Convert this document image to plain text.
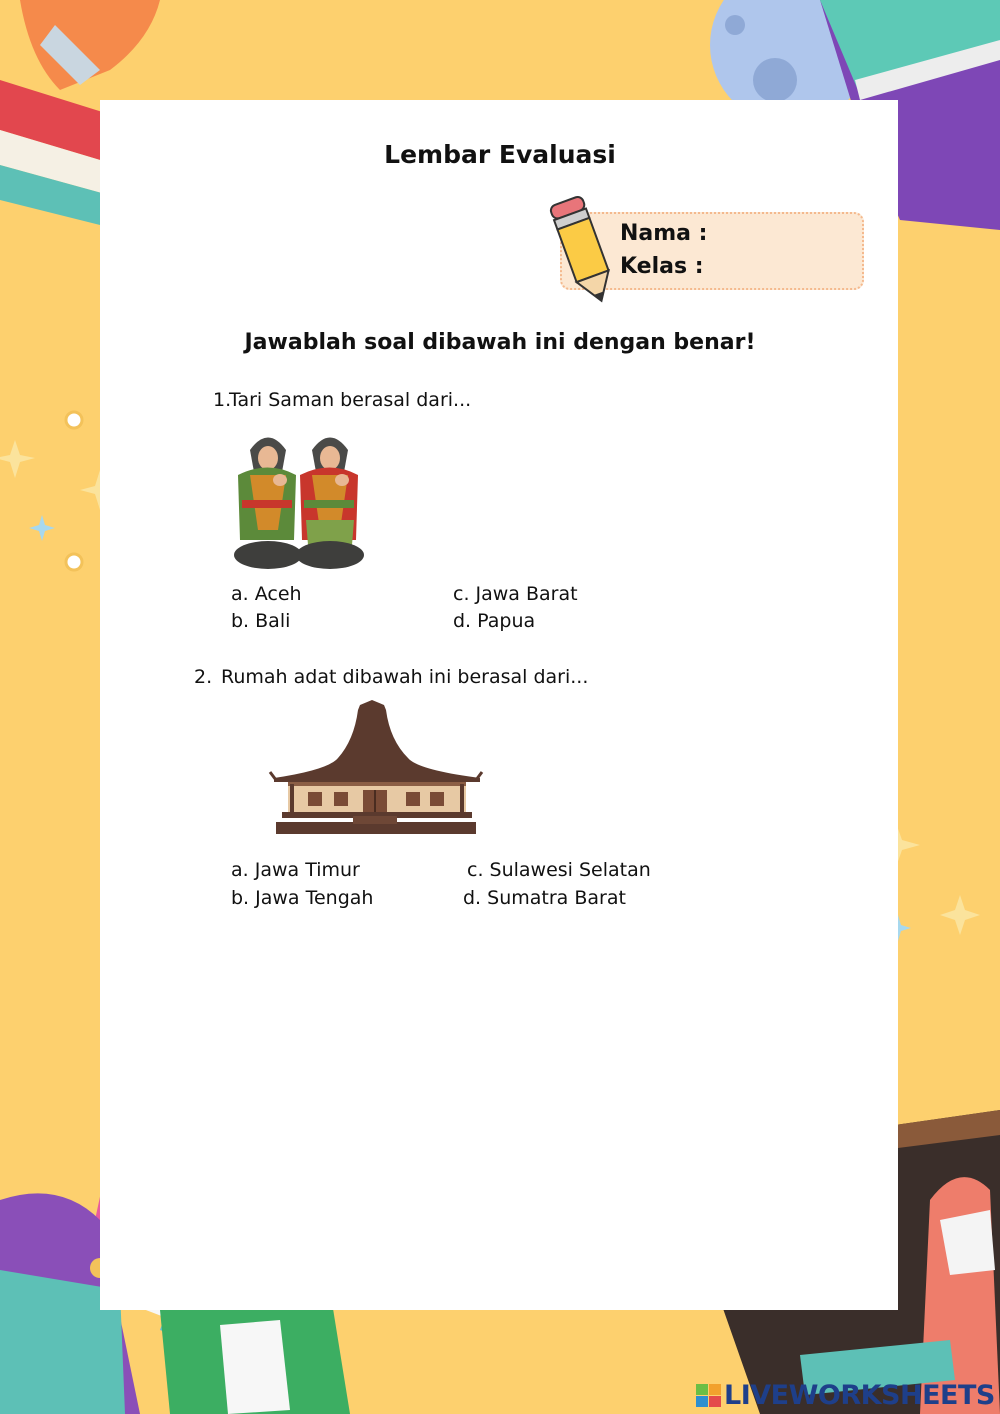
Lembar Evaluasi
Nama :
Kelas :
Jawablah soal dibawah ini dengan benar!
1.
Tari Saman berasal dari...
a. Aceh
b. Bali
c. Jawa Barat
d. Papua
2. Rumah adat dibawah ini berasal dari...
a. Jawa Timur
b. Jawa Tengah
c. Sulawesi Selatan
d. Sumatra Barat
LIVEWORKSHEETS
